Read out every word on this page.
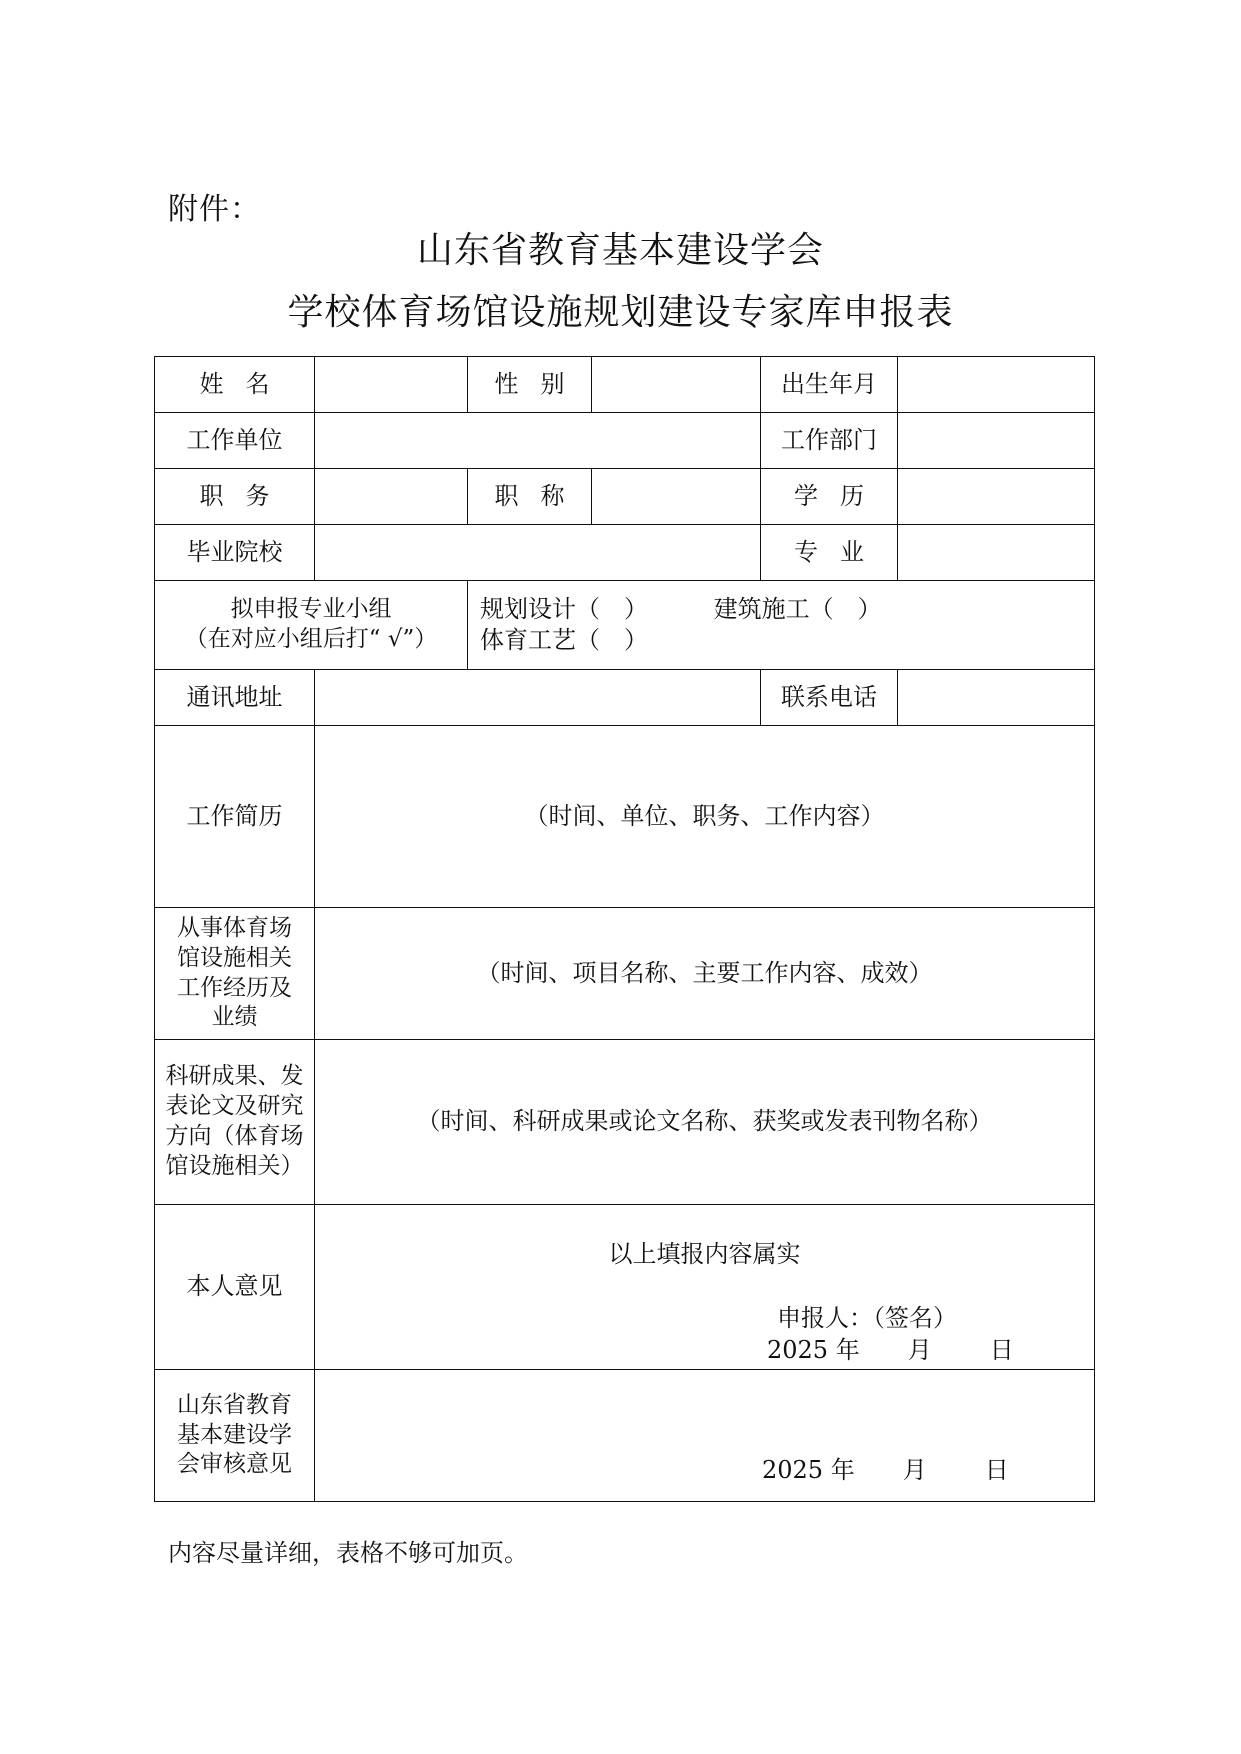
附件：
山东省教育基本建设学会
学校体育场馆设施规划建设专家库申报表
姓名		性别		出生年月	
工作单位				工作部门	
职务		职称		学历	
毕业院校				专业	

拟申报专业小组
（在对应小组后打“ √”）		规划设计（　） 建筑施工（　） 体育工艺（　）			
通讯地址				联系电话	
工作简历	（时间、单位、职务、工作内容）				
从事体育场馆设施相关工作经历及业绩	（时间、项目名称、主要工作内容、成效）				
科研成果、发表论文及研究方向（体育场馆设施相关）	（时间、科研成果或论文名称、获奖或发表刊物名称）				
本人意见	以上填报内容属实
申报人：（签名）
2025 年 月 日				

山东省教育基本建设学会审核意见	2025 年 月 日				
内容尽量详细，表格不够可加页。
